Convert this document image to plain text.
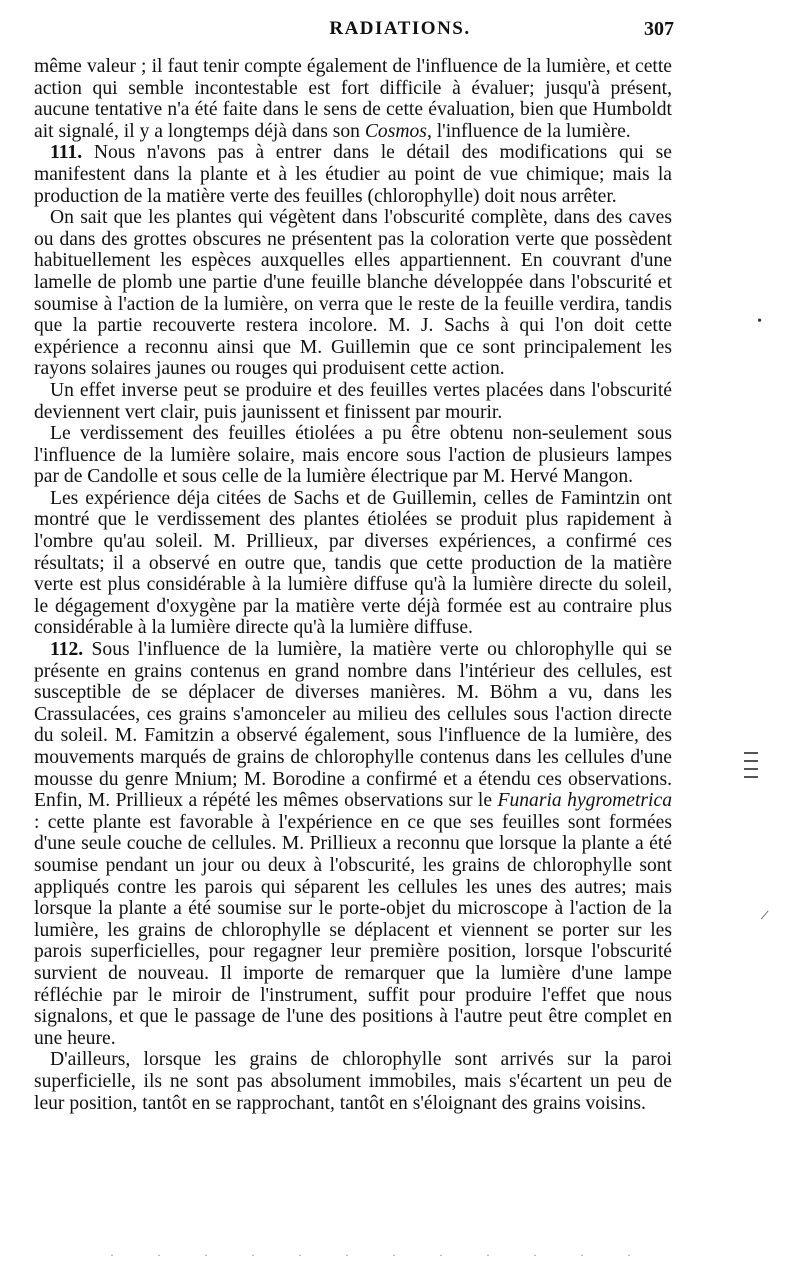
RADIATIONS.	307

même valeur ; il faut tenir compte également de l'influence de la lumière, et cette action qui semble incontestable est fort difficile à évaluer; jusqu'à présent, aucune tentative n'a été faite dans le sens de cette évaluation, bien que Humboldt ait signalé, il y a longtemps déjà dans son Cosmos, l'influence de la lumière.

111. Nous n'avons pas à entrer dans le détail des modifications qui se manifestent dans la plante et à les étudier au point de vue chimique; mais la production de la matière verte des feuilles (chlorophylle) doit nous arrêter.

On sait que les plantes qui végètent dans l'obscurité complète, dans des caves ou dans des grottes obscures ne présentent pas la coloration verte que possèdent habituellement les espèces auxquelles elles appartiennent. En couvrant d'une lamelle de plomb une partie d'une feuille blanche développée dans l'obscurité et soumise à l'action de la lumière, on verra que le reste de la feuille verdira, tandis que la partie recouverte restera incolore. M. J. Sachs à qui l'on doit cette expérience a reconnu ainsi que M. Guillemin que ce sont principalement les rayons solaires jaunes ou rouges qui produisent cette action.

Un effet inverse peut se produire et des feuilles vertes placées dans l'obscurité deviennent vert clair, puis jaunissent et finissent par mourir.

Le verdissement des feuilles étiolées a pu être obtenu non-seulement sous l'influence de la lumière solaire, mais encore sous l'action de plusieurs lampes par de Candolle et sous celle de la lumière électrique par M. Hervé Mangon.

Les expérience déja citées de Sachs et de Guillemin, celles de Famintzin ont montré que le verdissement des plantes étiolées se produit plus rapidement à l'ombre qu'au soleil. M. Prillieux, par diverses expériences, a confirmé ces résultats; il a observé en outre que, tandis que cette production de la matière verte est plus considérable à la lumière diffuse qu'à la lumière directe du soleil, le dégagement d'oxygène par la matière verte déjà formée est au contraire plus considérable à la lumière directe qu'à la lumière diffuse.

112. Sous l'influence de la lumière, la matière verte ou chlorophylle qui se présente en grains contenus en grand nombre dans l'intérieur des cellules, est susceptible de se déplacer de diverses manières. M. Böhm a vu, dans les Crassulacées, ces grains s'amonceler au milieu des cellules sous l'action directe du soleil. M. Famitzin a observé également, sous l'influence de la lumière, des mouvements marqués de grains de chlorophylle contenus dans les cellules d'une mousse du genre Mnium; M. Borodine a confirmé et a étendu ces observations. Enfin, M. Prillieux a répété les mêmes observations sur le Funaria hygrometrica : cette plante est favorable à l'expérience en ce que ses feuilles sont formées d'une seule couche de cellules. M. Prillieux a reconnu que lorsque la plante a été soumise pendant un jour ou deux à l'obscurité, les grains de chlorophylle sont appliqués contre les parois qui séparent les cellules les unes des autres; mais lorsque la plante a été soumise sur le porte-objet du microscope à l'action de la lumière, les grains de chlorophylle se déplacent et viennent se porter sur les parois superficielles, pour regagner leur première position, lorsque l'obscurité survient de nouveau. Il importe de remarquer que la lumière d'une lampe réfléchie par le miroir de l'instrument, suffit pour produire l'effet que nous signalons, et que le passage de l'une des positions à l'autre peut être complet en une heure.

D'ailleurs, lorsque les grains de chlorophylle sont arrivés sur la paroi superficielle, ils ne sont pas absolument immobiles, mais s'écartent un peu de leur position, tantôt en se rapprochant, tantôt en s'éloignant des grains voisins.

•
|
· · · · · · · · · · · ·
